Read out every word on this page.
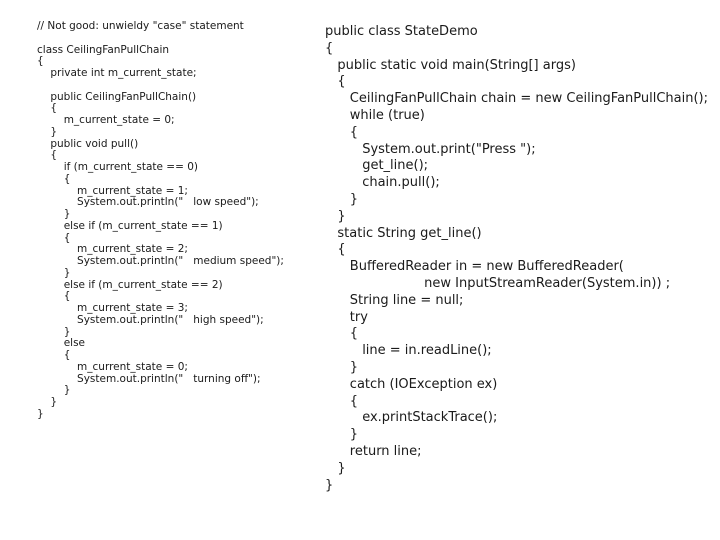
// Not good: unwieldy "case" statement

class CeilingFanPullChain
{
private int m_current_state;

public CeilingFanPullChain()
{
m_current_state = 0;
}
public void pull()
{
if (m_current_state == 0)
{
m_current_state = 1;
System.out.println("   low speed");
}
else if (m_current_state == 1)
{
m_current_state = 2;
System.out.println("   medium speed");
}
else if (m_current_state == 2)
{
m_current_state = 3;
System.out.println("   high speed");
}
else
{
m_current_state = 0;
System.out.println("   turning off");
}
}
}
public class StateDemo
{
public static void main(String[] args)
{
CeilingFanPullChain chain = new CeilingFanPullChain();
while (true)
{
System.out.print("Press ");
get_line();
chain.pull();
}
}
static String get_line()
{
BufferedReader in = new BufferedReader(
new InputStreamReader(System.in)) ;
String line = null;
try
{
line = in.readLine();
}
catch (IOException ex)
{
ex.printStackTrace();
}
return line;
}
}
